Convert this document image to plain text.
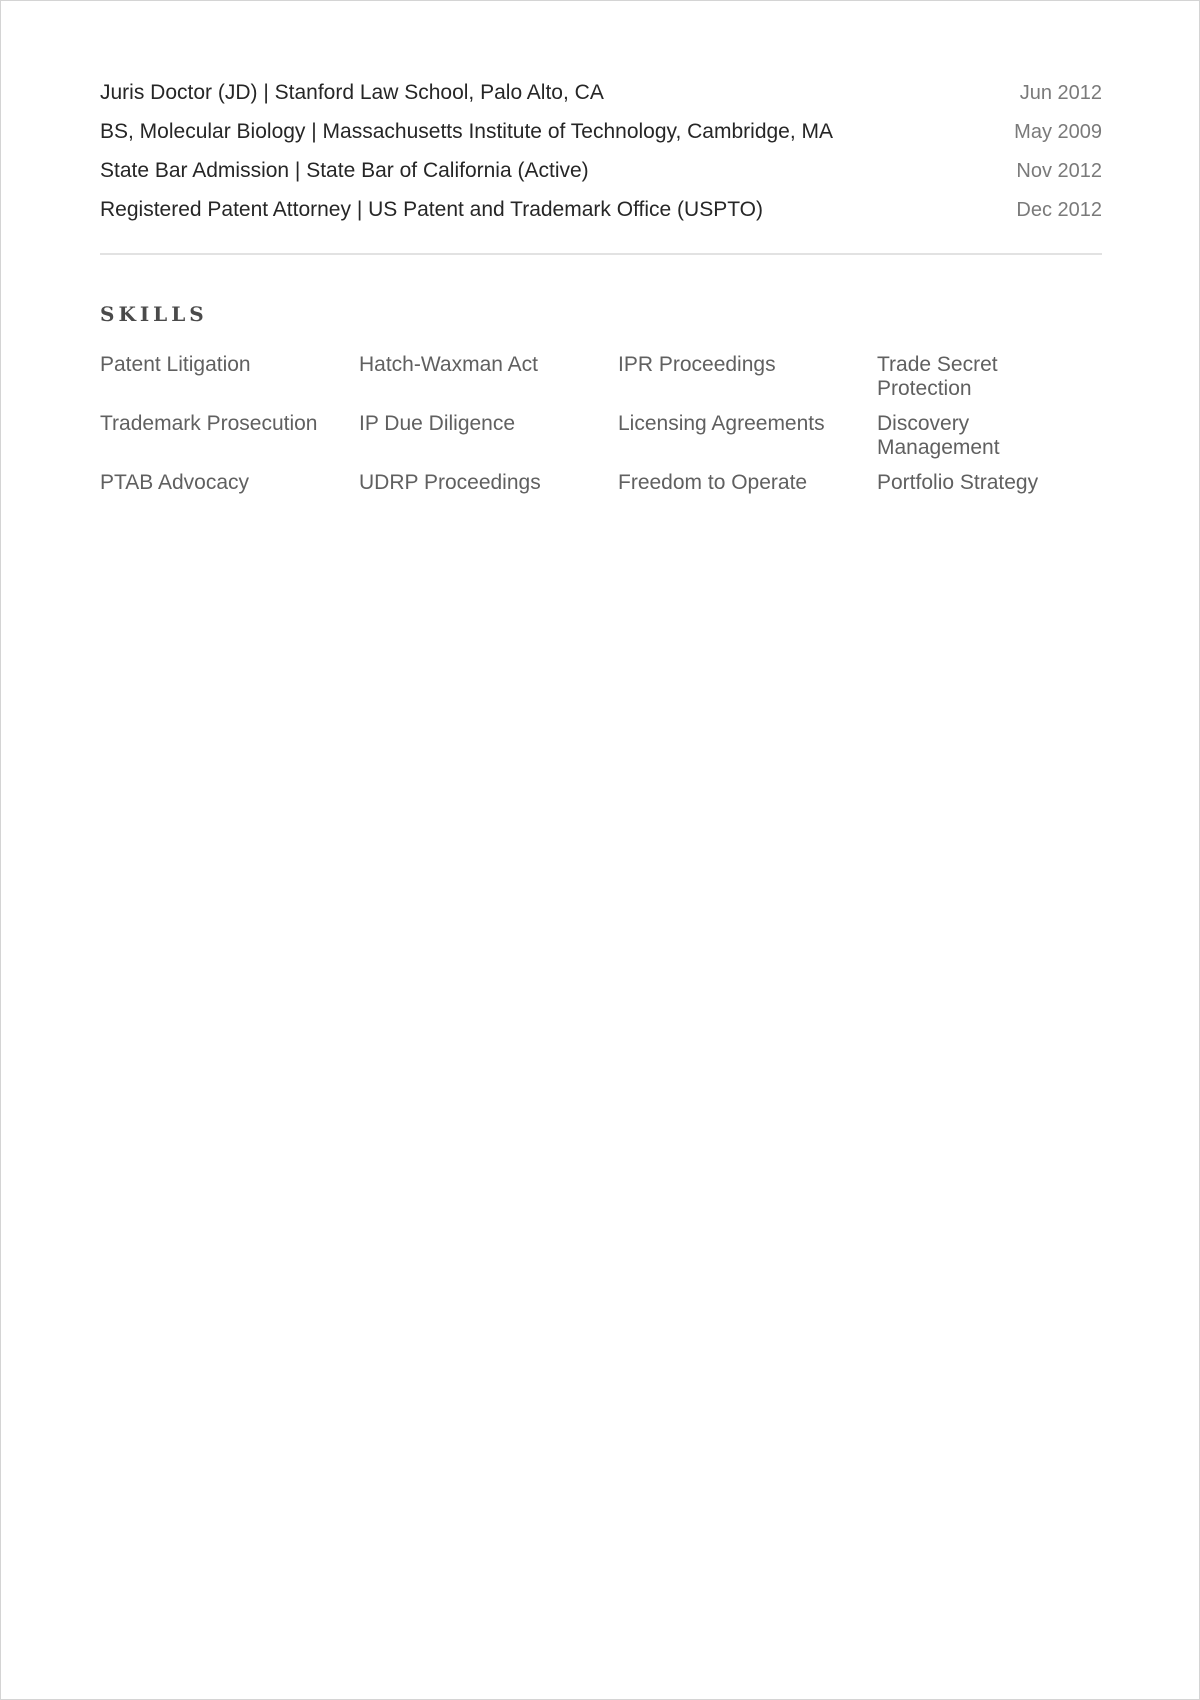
Juris Doctor (JD) | Stanford Law School, Palo Alto, CA	Jun 2012
BS, Molecular Biology | Massachusetts Institute of Technology, Cambridge, MA	May 2009
State Bar Admission | State Bar of California (Active)	Nov 2012
Registered Patent Attorney | US Patent and Trademark Office (USPTO)	Dec 2012
SKILLS
Patent Litigation	Hatch-Waxman Act	IPR Proceedings	Trade Secret Protection
Trademark Prosecution	IP Due Diligence	Licensing Agreements	Discovery Management
PTAB Advocacy	UDRP Proceedings	Freedom to Operate	Portfolio Strategy
